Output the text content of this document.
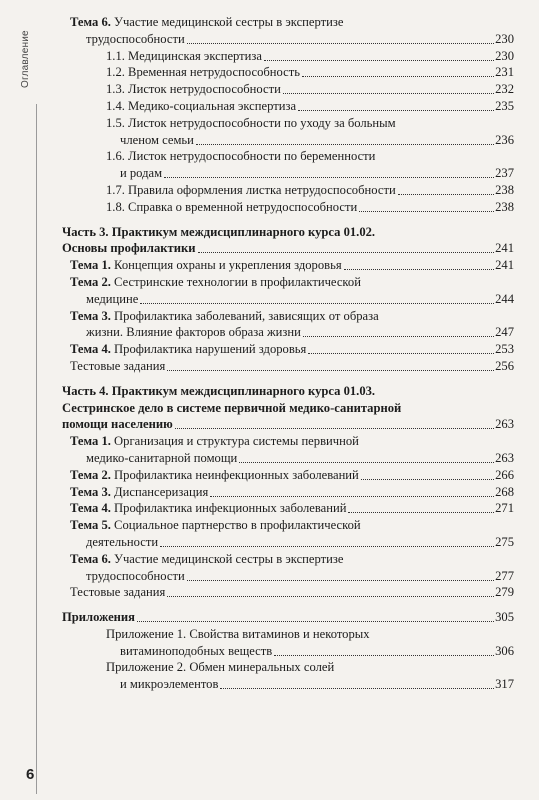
Оглавление
Тема 6. Участие медицинской сестры в экспертизе
трудоспособности	230
1.1. Медицинская экспертиза	230
1.2. Временная нетрудоспособность	231
1.3. Листок нетрудоспособности	232
1.4. Медико-социальная экспертиза	235
1.5. Листок нетрудоспособности по уходу за больным
членом семьи	236
1.6. Листок нетрудоспособности по беременности
и родам	237
1.7. Правила оформления листка нетрудоспособности	238
1.8. Справка о временной нетрудоспособности	238
Часть 3. Практикум междисциплинарного курса 01.02.
Основы профилактики	241
Тема 1. Концепция охраны и укрепления здоровья	241
Тема 2. Сестринские технологии в профилактической
медицине	244
Тема 3. Профилактика заболеваний, зависящих от образа
жизни. Влияние факторов образа жизни	247
Тема 4. Профилактика нарушений здоровья	253
Тестовые задания	256
Часть 4. Практикум междисциплинарного курса 01.03.
Сестринское дело в системе первичной медико-санитарной
помощи населению	263
Тема 1. Организация и структура системы первичной
медико-санитарной помощи	263
Тема 2. Профилактика неинфекционных заболеваний	266
Тема 3. Диспансеризация	268
Тема 4. Профилактика инфекционных заболеваний	271
Тема 5. Социальное партнерство в профилактической
деятельности	275
Тема 6. Участие медицинской сестры в экспертизе
трудоспособности	277
Тестовые задания	279
Приложения	305
Приложение 1. Свойства витаминов и некоторых
витаминоподобных веществ	306
Приложение 2. Обмен минеральных солей
и микроэлементов	317
6
